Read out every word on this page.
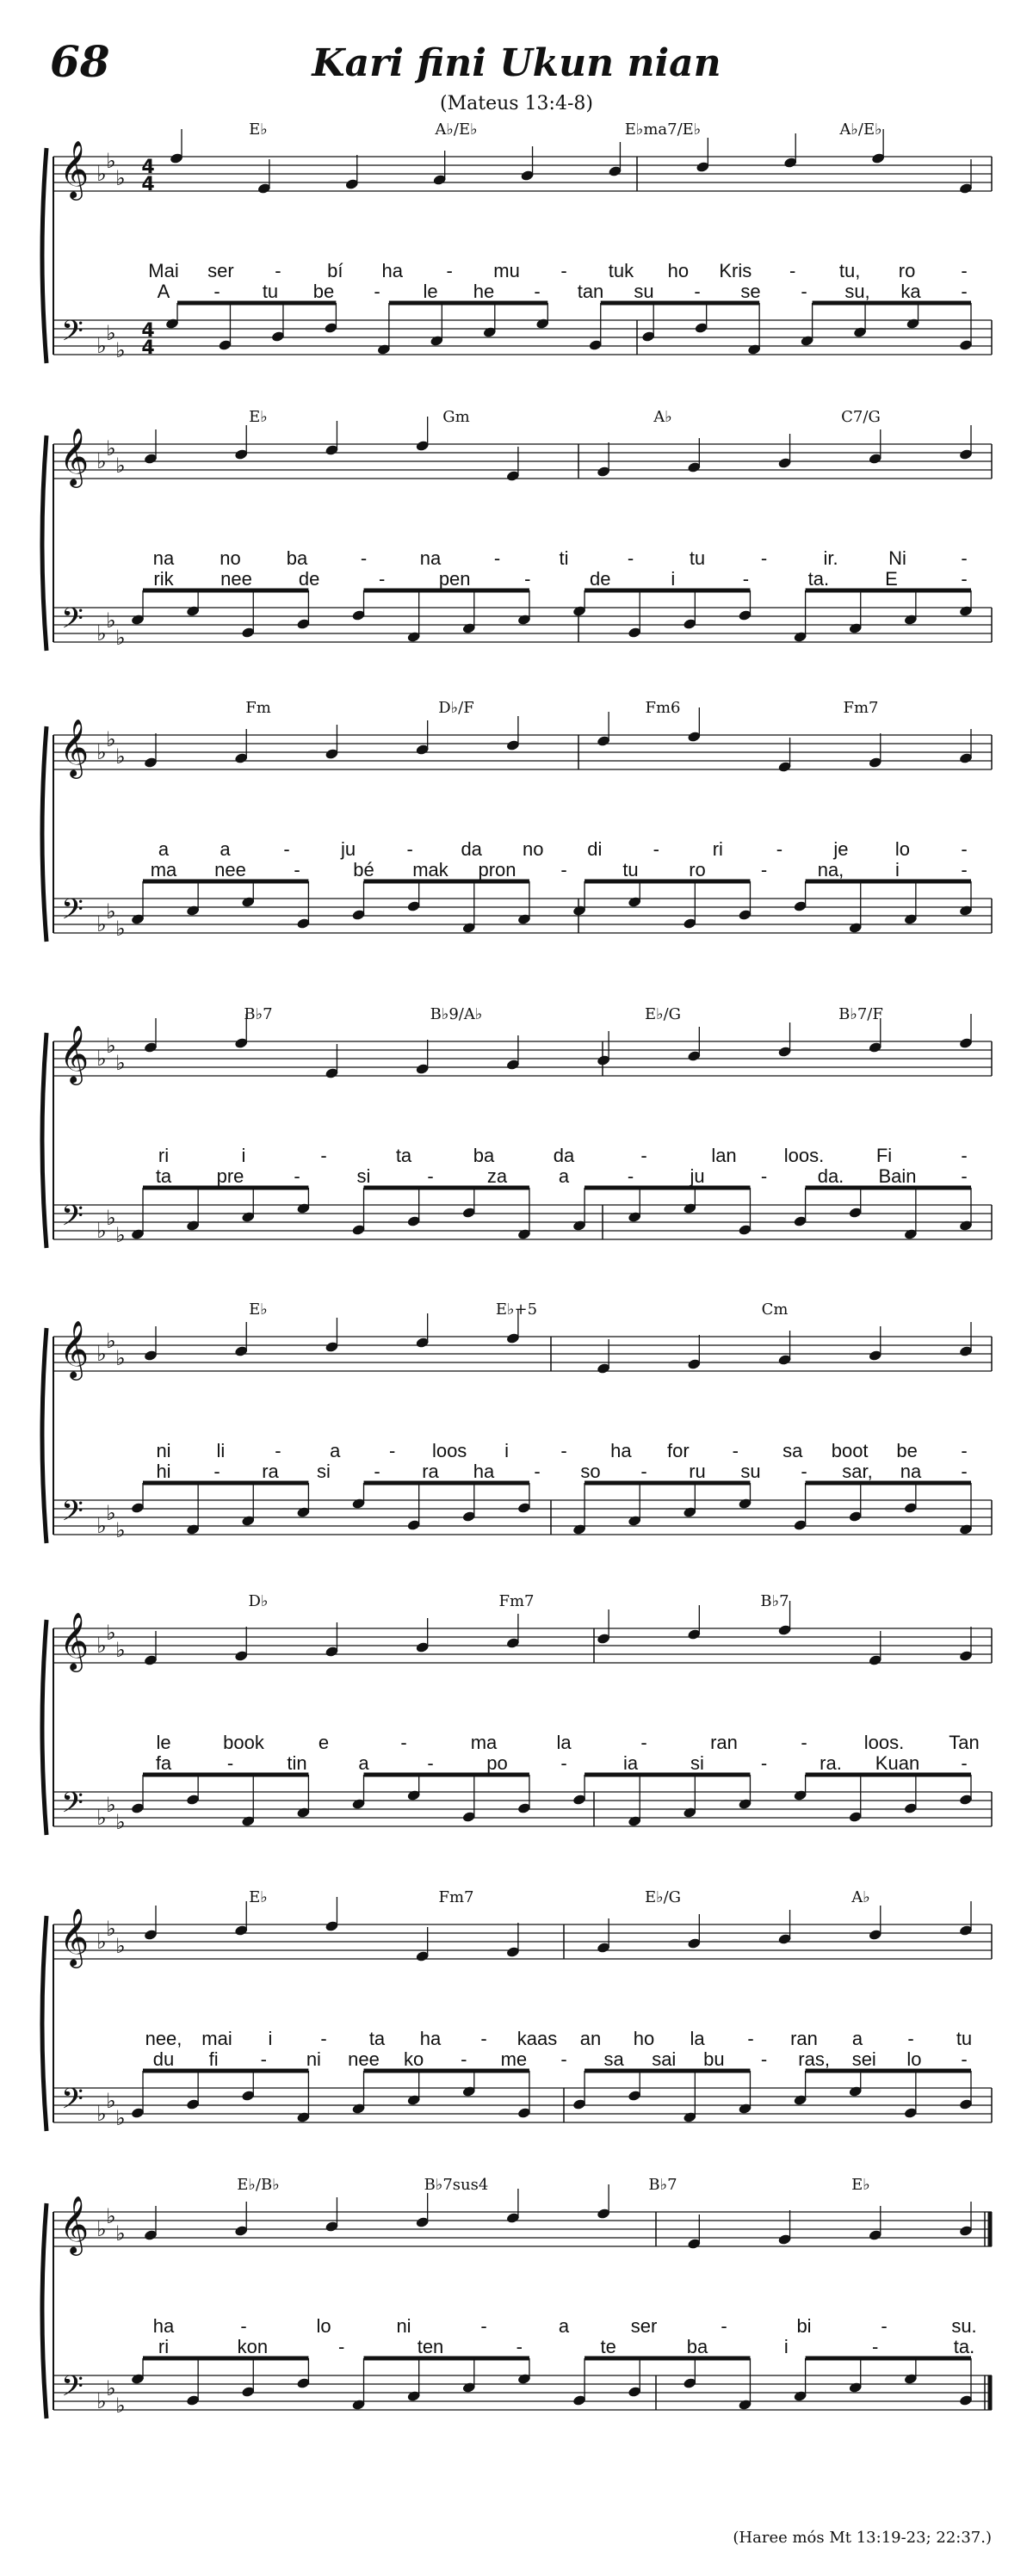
𝄞
𝄢
♭
♭
♭
♭
♭
♭
4
4
4
4
E♭	A♭/E♭	E♭ma7/E♭	A♭/E♭
Mai ser - bí ha - mu - tuk ho Kris - tu, ro -
A - tu be - le he - tan su - se - su, ka -
𝄞
𝄢
♭
♭
♭
♭
♭
♭
E♭	Gm	A♭	C7/G
na no ba	-	na	-	ti	-	tu	-	ir.	Ni	-
rik nee de	-	pen	-	de	i	-	ta.	E	-
𝄞
𝄢
♭
♭
♭
♭
♭
♭
Fm	D♭/F	Fm6	Fm7
a	a	-	ju	-	da no di	-	ri	-	je lo	-
ma nee	-	bé mak pron -	tu	ro	-	na,	i	-
𝄞
𝄢
♭
♭
♭
♭
♭
♭
B♭7	B♭9/A♭	E♭/G	B♭7/F
ri	i	-	ta	ba	da	-	lan	loos.	Fi	-
ta pre	-	si	-	za	a	-	ju	-	da. Bain -
𝄞
𝄢
♭
♭
♭
♭
♭
♭
E♭	E♭+5	Cm
ni li	-	a	- loos i	- ha for - sa boot be -
hi - ra si - ra ha - so - ru su - sar, na -
𝄞
𝄢
♭
♭
♭
♭
♭
♭
D♭	Fm7	B♭7
le	book	e	-	ma	la	-	ran	-	loos. Tan
fa	-	tin	a	-	po	-	ia	si	-	ra. Kuan -
𝄞
𝄢
♭
♭
♭
♭
♭
♭
E♭	Fm7	E♭/G	A♭
nee, mai i	- ta ha - kaas an ho la - ran a - tu
du fi - ni nee ko - me - sa sai bu - ras, sei lo -
𝄞
𝄢
♭
♭
♭
♭
♭
♭
E♭/B♭	B♭7sus4	B♭7	E♭
ha	-	lo	ni	-	a	ser	-	bi	-	su.
ri	kon	-	ten	-	te	ba	i	-	ta.
68	Kari fini Ukun nian
(Mateus 13:4-8)
(Haree mós Mt 13:19-23; 22:37.)
